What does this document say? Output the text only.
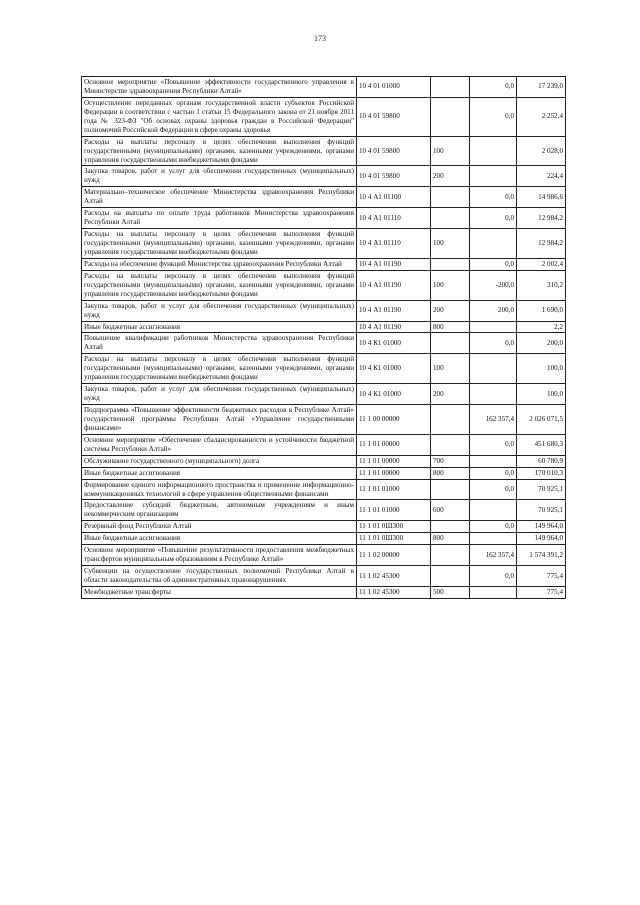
173
Основное мероприятие «Повышение эффективности государственного управления в Министерстве здравоохранения Республики Алтай»	10 4 01 01000		0,0	17 239,0
Осуществление переданных органам государственной власти субъектов Российской Федерации в соответствии с частью 1 статьи 15 Федерального закона от 21 ноября 2011 года № 323-ФЗ "Об основах охраны здоровья граждан в Российской Федерации" полномочий Российской Федерации в сфере охраны здоровья	10 4 01 59800		0,0	2 252,4
Расходы на выплаты персоналу в целях обеспечения выполнения функций государственными (муниципальными) органами, казенными учреждениями, органами управления государственными внебюджетными фондами	10 4 01 59800	100		2 028,0
Закупка товаров, работ и услуг для обеспечения государственных (муниципальных) нужд	10 4 01 59800	200		224,4
Материально–техническое обеспечение Министерства здравоохранения Республики Алтай	10 4 А1 01100		0,0	14 986,6
Расходы на выплаты по оплате труда работников Министерства здравоохранения Республики Алтай	10 4 А1 01110		0,0	12 984,2
Расходы на выплаты персоналу в целях обеспечения выполнения функций государственными (муниципальными) органами, казенными учреждениями, органами управления государственными внебюджетными фондами	10 4 А1 01110	100		12 984,2
Расходы на обеспечение функций Министерства здравоохранения Республики Алтай	10 4 А1 01190		0,0	2 002,4
Расходы на выплаты персоналу в целях обеспечения выполнения функций государственными (муниципальными) органами, казенными учреждениями, органами управления государственными внебюджетными фондами	10 4 А1 01190	100	-200,0	310,2
Закупка товаров, работ и услуг для обеспечения государственных (муниципальных) нужд	10 4 А1 01190	200	200,0	1 690,0
Иные бюджетные ассигнования	10 4 А1 01190	800		2,2
Повышение квалификации работников Министерства здравоохранения Республики Алтай	10 4 К1 01000		0,0	200,0
Расходы на выплаты персоналу в целях обеспечения выполнения функций государственными (муниципальными) органами, казенными учреждениями, органами управления государственными внебюджетными фондами	10 4 К1 01000	100		100,0
Закупка товаров, работ и услуг для обеспечения государственных (муниципальных) нужд	10 4 К1 01000	200		100,0
Подпрограмма «Повышение эффективности бюджетных расходов в Республике Алтай» государственной программы Республики Алтай «Управление государственными финансами»	11 1 00 00000		162 357,4	2 026 071,5
Основное мероприятие «Обеспечение сбалансированности и устойчивости бюджетной системы Республики Алтай»	11 1 01 00000		0,0	451 680,3
Обслуживание государственного (муниципального) долга	11 1 01 00000	700		60 780,9
Иные бюджетные ассигнования	11 1 01 00000	800	0,0	170 010,3
Формирование единого информационного пространства и применение информационно-коммуникационных технологий в сфере управления общественными финансами	11 1 01 01000		0,0	70 925,1
Предоставление субсидий бюджетным, автономным учреждениям и иным некоммерческим организациям	11 1 01 01000	600		70 925,1
Резервный фонд Республики Алтай	11 1 01 0Ш300		0,0	149 964,0
Иные бюджетные ассигнования	11 1 01 0Ш300	800		149 964,0
Основное мероприятие «Повышение результативности предоставления межбюджетных трансфертов муниципальным образованиям в Республике Алтай»	11 1 02 00000		162 357,4	1 574 391,2
Субвенции на осуществление государственных полномочий Республики Алтай в области законодательства об административных правонарушениях	11 1 02 45300		0,0	775,4
Межбюджетные трансферты	11 1 02 45300	500		775,4
